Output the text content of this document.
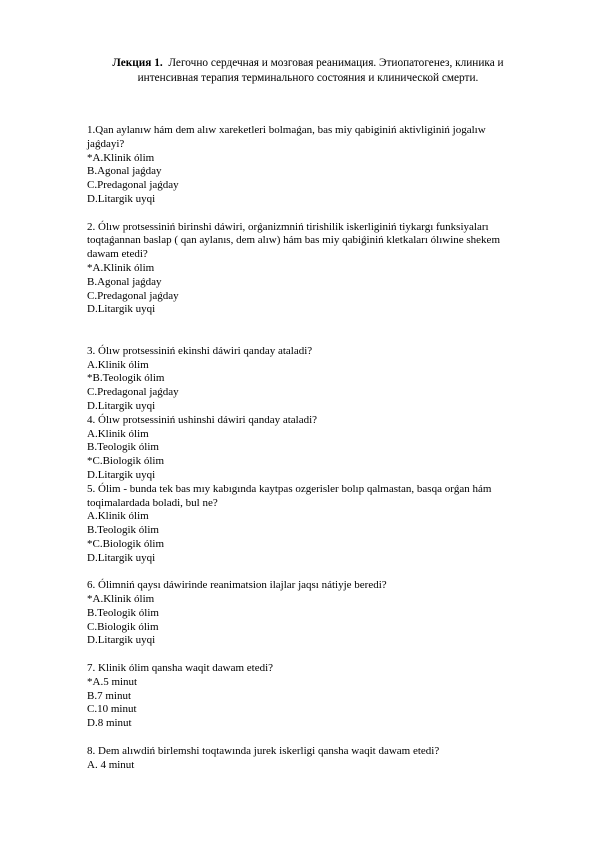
Лекция 1. Легочно сердечная и мозговая реанимация. Этиопатогенез, клиника и
интенсивная терапия терминального состояния и клинической смерти.
1.Qan aylanıw hám dem alıw xareketleri bolmaǵan, bas miy qabiginiń aktivliginiń jogalıw
jaǵdayi?
*A.Klinik ólim
B.Agonal jaǵday
C.Predagonal jaǵday
D.Litargik uyqi
2. Ólıw protsessiniń birinshi dáwiri, orǵanizmniń tirishilik iskerliginiń tiykargı funksiyaları
toqtaǵannan baslap ( qan aylanıs, dem alıw) hám bas miy qabiǵiniń kletkaları ólıwine shekem
dawam etedi?
*A.Klinik ólim
B.Agonal jaǵday
C.Predagonal jaǵday
D.Litargik uyqi
3. Ólıw protsessiniń ekinshi dáwiri qanday ataladi?
A.Klinik ólim
*B.Teologik ólim
C.Predagonal jaǵday
D.Litargik uyqi
4. Ólıw protsessiniń ushinshi dáwiri qanday ataladi?
A.Klinik ólim
B.Teologik ólim
*C.Biologik ólim
D.Litargik uyqi
5. Ólim - bunda tek bas mıy kabıgında kaytpas ozgerisler bolıp qalmastan, basqa orǵan hám
toqimalardada boladi, bul ne?
A.Klinik ólim
B.Teologik ólim
*C.Biologik ólim
D.Litargik uyqi
6. Ólimniń qaysı dáwirinde reanimatsion ilajlar jaqsı nátiyje beredi?
*A.Klinik ólim
B.Teologik ólim
C.Biologik ólim
D.Litargik uyqi
7. Klinik ólim qansha waqit dawam etedi?
*A.5 minut
B.7 minut
C.10 minut
D.8 minut
8. Dem alıwdiń birlemshi toqtawında jurek iskerligi qansha waqit dawam etedi?
A. 4 minut
